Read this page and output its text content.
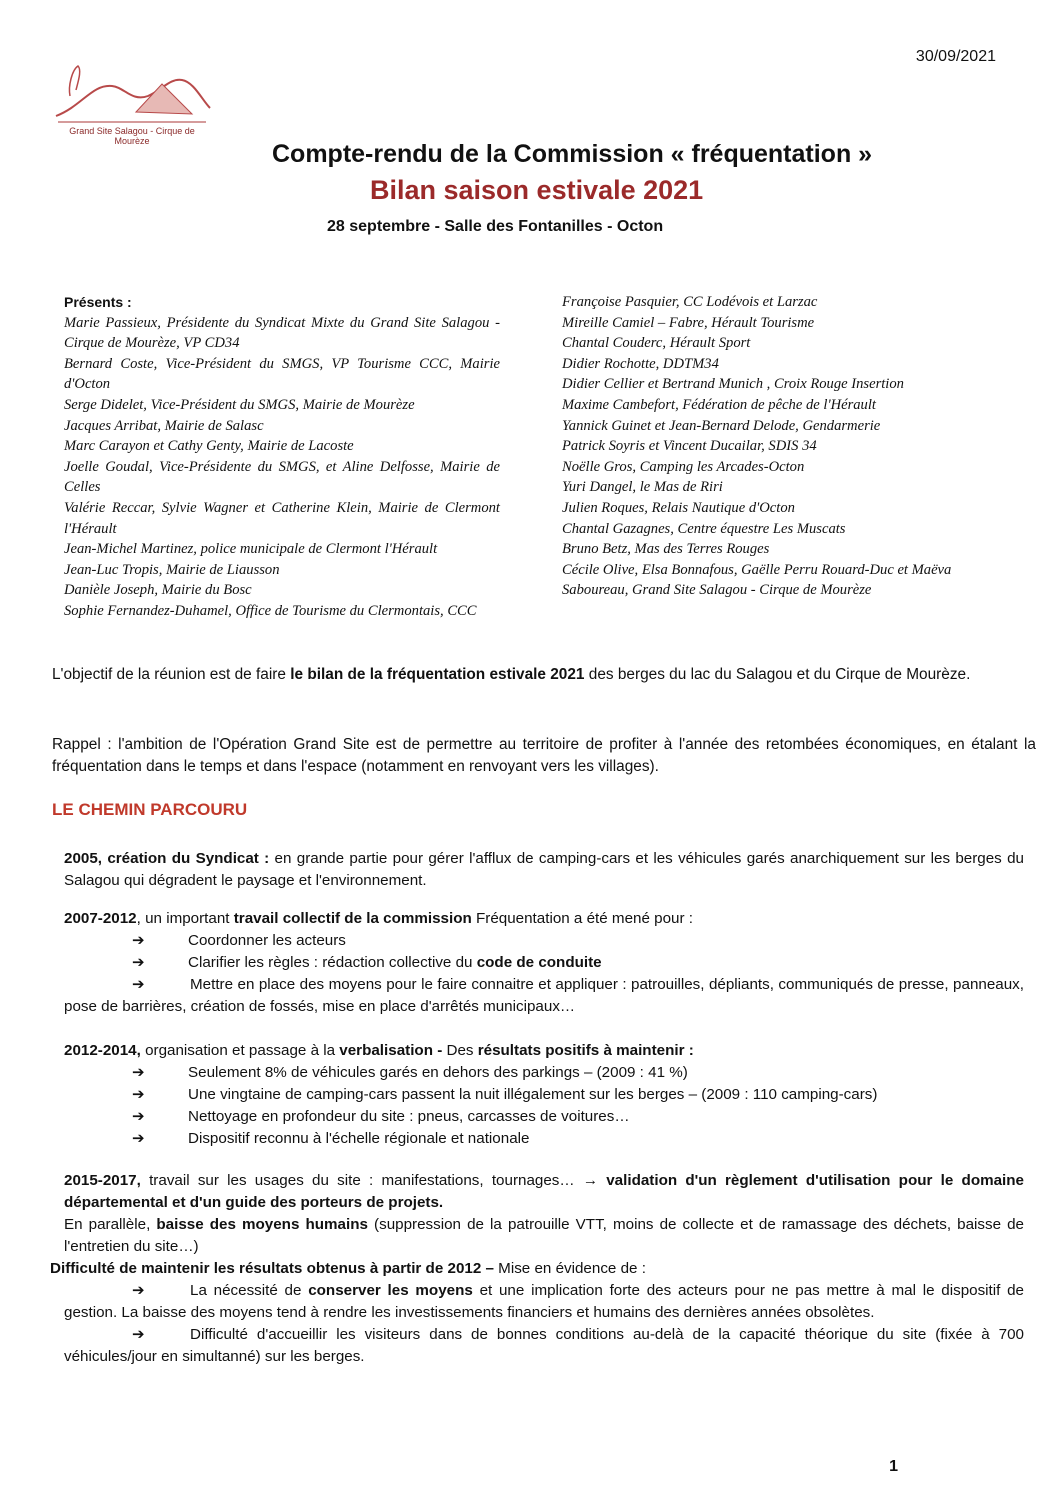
30/09/2021
Grand Site Salagou - Cirque de Mourèze	Compte-rendu de la Commission « fréquentation »
Bilan saison estivale 2021
28 septembre - Salle des Fontanilles - Octon
Présents :
Marie Passieux, Présidente du Syndicat Mixte du Grand Site Salagou - Cirque de Mourèze, VP CD34
Bernard Coste, Vice-Président du SMGS, VP Tourisme CCC, Mairie d'Octon
Serge Didelet, Vice-Président du SMGS, Mairie de Mourèze
Jacques Arribat, Mairie de Salasc
Marc Carayon et Cathy Genty, Mairie de Lacoste
Joelle Goudal, Vice-Présidente du SMGS, et Aline Delfosse, Mairie de Celles
Valérie Reccar, Sylvie Wagner et Catherine Klein, Mairie de Clermont l'Hérault
Jean-Michel Martinez, police municipale de Clermont l'Hérault
Jean-Luc Tropis, Mairie de Liausson
Danièle Joseph, Mairie du Bosc
Sophie Fernandez-Duhamel, Office de Tourisme du Clermontais, CCC
Françoise Pasquier, CC Lodévois et Larzac
Mireille Camiel – Fabre, Hérault Tourisme
Chantal Couderc, Hérault Sport
Didier Rochotte, DDTM34
Didier Cellier et Bertrand Munich , Croix Rouge Insertion
Maxime Cambefort, Fédération de pêche de l'Hérault
Yannick Guinet et Jean-Bernard Delode, Gendarmerie
Patrick Soyris et Vincent Ducailar, SDIS 34
Noëlle Gros, Camping les Arcades-Octon
Yuri Dangel, le Mas de Riri
Julien Roques, Relais Nautique d'Octon
Chantal Gazagnes, Centre équestre Les Muscats
Bruno Betz, Mas des Terres Rouges
Cécile Olive, Elsa Bonnafous, Gaëlle Perru Rouard-Duc et Maëva Saboureau, Grand Site Salagou - Cirque de Mourèze
L'objectif de la réunion est de faire le bilan de la fréquentation estivale 2021 des berges du lac du Salagou et du Cirque de Mourèze.
Rappel : l'ambition de l'Opération Grand Site est de permettre au territoire de profiter à l'année des retombées économiques, en étalant la fréquentation dans le temps et dans l'espace (notamment en renvoyant vers les villages).
LE CHEMIN PARCOURU

2005, création du Syndicat : en grande partie pour gérer l'afflux de camping-cars et les véhicules garés anarchiquement sur les berges du Salagou qui dégradent le paysage et l'environnement.

2007-2012, un important travail collectif de la commission Fréquentation a été mené pour :

➔	Coordonner les acteurs

➔	Clarifier les règles : rédaction collective du code de conduite

➔	Mettre en place des moyens pour le faire connaitre et appliquer : patrouilles, dépliants, communiqués de presse, panneaux, pose de barrières, création de fossés, mise en place d'arrêtés municipaux…

2012-2014, organisation et passage à la verbalisation - Des résultats positifs à maintenir :

➔	Seulement 8% de véhicules garés en dehors des parkings – (2009 : 41 %)

➔	Une vingtaine de camping-cars passent la nuit illégalement sur les berges – (2009 : 110 camping-cars)

➔	Nettoyage en profondeur du site : pneus, carcasses de voitures…

➔	Dispositif reconnu à l'échelle régionale et nationale

2015-2017, travail sur les usages du site : manifestations, tournages… → validation d'un règlement d'utilisation pour le domaine départemental et d'un guide des porteurs de projets.

En parallèle, baisse des moyens humains (suppression de la patrouille VTT, moins de collecte et de ramassage des déchets, baisse de l'entretien du site…)

Difficulté de maintenir les résultats obtenus à partir de 2012 – Mise en évidence de :

➔	La nécessité de conserver les moyens et une implication forte des acteurs pour ne pas mettre à mal le dispositif de gestion. La baisse des moyens tend à rendre les investissements financiers et humains des dernières années obsolètes.

➔	Difficulté d'accueillir les visiteurs dans de bonnes conditions au-delà de la capacité théorique du site (fixée à 700 véhicules/jour en simultanné) sur les berges.

1
